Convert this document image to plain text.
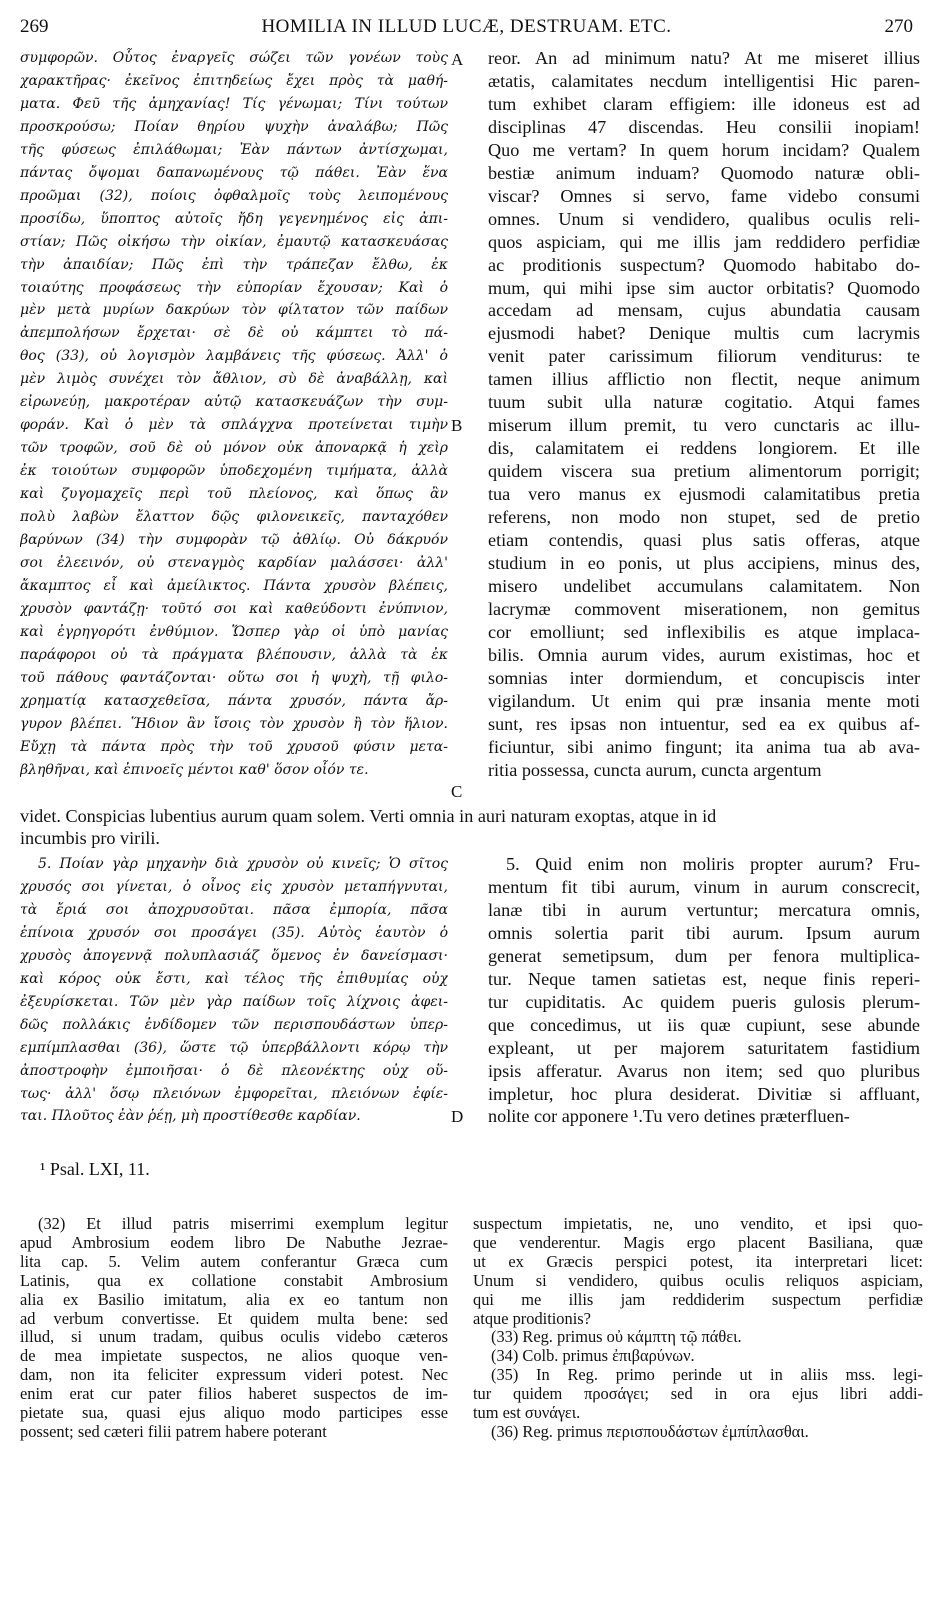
269	HOMILIA IN ILLUD LUCÆ, DESTRUAM. ETC.	270
συμφορῶν. Οὗτος ἐναργεῖς σώζει τῶν γονέων τοὺς
χαρακτῆρας· ἐκεῖνος ἐπιτηδείως ἔχει πρὸς τὰ μαθή-
ματα. Φεῦ τῆς ἀμηχανίας! Τίς γένωμαι; Τίνι τούτων
προσκρούσω; Ποίαν θηρίου ψυχὴν ἀναλάβω; Πῶς
τῆς φύσεως ἐπιλάθωμαι; Ἐὰν πάντων ἀντίσχωμαι,
πάντας ὄψομαι δαπανωμένους τῷ πάθει. Ἐὰν ἕνα
προῶμαι (32), ποίοις ὀφθαλμοῖς τοὺς λειπομένους
προσίδω, ὕποπτος αὐτοῖς ἤδη γεγενημένος εἰς ἀπι-
στίαν; Πῶς οἰκήσω τὴν οἰκίαν, ἐμαυτῷ κατασκευάσας
τὴν ἀπαιδίαν; Πῶς ἐπὶ τὴν τράπεζαν ἔλθω, ἐκ
τοιαύτης προφάσεως τὴν εὐπορίαν ἔχουσαν; Καὶ ὁ
μὲν μετὰ μυρίων δακρύων τὸν φίλτατον τῶν παίδων
ἀπεμπολήσων ἔρχεται· σὲ δὲ οὐ κάμπτει τὸ πά-
θος (33), οὐ λογισμὸν λαμβάνεις τῆς φύσεως. Ἀλλ' ὁ
μὲν λιμὸς συνέχει τὸν ἄθλιον, σὺ δὲ ἀναβάλλῃ, καὶ
εἰρωνεύῃ, μακροτέραν αὐτῷ κατασκευάζων τὴν συμ-
φοράν. Καὶ ὁ μὲν τὰ σπλάγχνα προτείνεται τιμὴν
τῶν τροφῶν, σοῦ δὲ οὐ μόνον οὐκ ἀποναρκᾷ ἡ χεὶρ
ἐκ τοιούτων συμφορῶν ὑποδεχομένη τιμήματα, ἀλλὰ
καὶ ζυγομαχεῖς περὶ τοῦ πλείονος, καὶ ὅπως ἂν
πολὺ λαβὼν ἔλαττον δῷς φιλονεικεῖς, πανταχόθεν
βαρύνων (34) τὴν συμφορὰν τῷ ἀθλίῳ. Οὐ δάκρυόν
σοι ἐλεεινόν, οὐ στεναγμὸς καρδίαν μαλάσσει· ἀλλ'
ἄκαμπτος εἶ καὶ ἀμείλικτος. Πάντα χρυσὸν βλέπεις,
χρυσὸν φαντάζῃ· τοῦτό σοι καὶ καθεύδοντι ἐνύπνιον,
καὶ ἐγρηγορότι ἐνθύμιον. Ὥσπερ γὰρ οἱ ὑπὸ μανίας
παράφοροι οὐ τὰ πράγματα βλέπουσιν, ἀλλὰ τὰ ἐκ
τοῦ πάθους φαντάζονται· οὕτω σοι ἡ ψυχὴ, τῇ φιλο-
χρηματίᾳ κατασχεθεῖσα, πάντα χρυσόν, πάντα ἄρ-
γυρον βλέπει. Ἥδιον ἂν ἴσοις τὸν χρυσὸν ἢ τὸν ἥλιον.
Εὔχῃ τὰ πάντα πρὸς τὴν τοῦ χρυσοῦ φύσιν μετα-
βληθῆναι, καὶ ἐπινοεῖς μέντοι καθ' ὅσον οἷόν τε.
reor. An ad minimum natu? At me miseret illius
ætatis, calamitates necdum intelligentisi Hic paren-
tum exhibet claram effigiem: ille idoneus est ad
disciplinas 47 discendas. Heu consilii inopiam!
Quo me vertam? In quem horum incidam? Qualem
bestiæ animum induam? Quomodo naturæ obli-
viscar? Omnes si servo, fame videbo consumi
omnes. Unum si vendidero, qualibus oculis reli-
quos aspiciam, qui me illis jam reddidero perfidiæ
ac proditionis suspectum? Quomodo habitabo do-
mum, qui mihi ipse sim auctor orbitatis? Quomodo
accedam ad mensam, cujus abundatia causam
ejusmodi habet? Denique multis cum lacrymis
venit pater carissimum filiorum venditurus: te
tamen illius afflictio non flectit, neque animum
tuum subit ulla naturæ cogitatio. Atqui fames
miserum illum premit, tu vero cunctaris ac illu-
dis, calamitatem ei reddens longiorem. Et ille
quidem viscera sua pretium alimentorum porrigit;
tua vero manus ex ejusmodi calamitatibus pretia
referens, non modo non stupet, sed de pretio
etiam contendis, quasi plus satis offeras, atque
studium in eo ponis, ut plus accipiens, minus des,
misero undelibet accumulans calamitatem. Non
lacrymæ commovent miserationem, non gemitus
cor emolliunt; sed inflexibilis es atque implaca-
bilis. Omnia aurum vides, aurum existimas, hoc et
somnias inter dormiendum, et concupiscis inter
vigilandum. Ut enim qui præ insania mente moti
sunt, res ipsas non intuentur, sed ea ex quibus af-
ficiuntur, sibi animo fingunt; ita anima tua ab ava-
ritia possessa, cuncta aurum, cuncta argentum
videt. Conspicias lubentius aurum quam solem. Verti omnia in auri naturam exoptas, atque in id
incumbis pro virili.
5. Ποίαν γὰρ μηχανὴν διὰ χρυσὸν οὐ κινεῖς; Ὁ σῖτος
χρυσός σοι γίνεται, ὁ οἶνος εἰς χρυσὸν μεταπήγνυται,
τὰ ἔριά σοι ἀποχρυσοῦται. πᾶσα ἐμπορία, πᾶσα
ἐπίνοια χρυσόν σοι προσάγει (35). Αὐτὸς ἑαυτὸν ὁ
χρυσὸς ἀπογεννᾷ πολυπλασιάζ ὅμενος ἐν δανείσμασι·
καὶ κόρος οὐκ ἔστι, καὶ τέλος τῆς ἐπιθυμίας οὐχ
ἐξευρίσκεται. Τῶν μὲν γὰρ παίδων τοῖς λίχνοις ἀφει-
δῶς πολλάκις ἐνδίδομεν τῶν περισπουδάστων ὑπερ-
εμπίμπλασθαι (36), ὥστε τῷ ὑπερβάλλοντι κόρῳ τὴν
ἀποστροφὴν ἐμποιῆσαι· ὁ δὲ πλεονέκτης οὐχ οὕ-
τως· ἀλλ' ὅσῳ πλειόνων ἐμφορεῖται, πλειόνων ἐφίε-
ται. Πλοῦτος ἐὰν ῥέῃ, μὴ προστίθεσθε καρδίαν.
5. Quid enim non moliris propter aurum? Fru-
mentum fit tibi aurum, vinum in aurum conscrecit,
lanæ tibi in aurum vertuntur; mercatura omnis,
omnis solertia parit tibi aurum. Ipsum aurum
generat semetipsum, dum per fenora multiplica-
tur. Neque tamen satietas est, neque finis reperi-
tur cupiditatis. Ac quidem pueris gulosis plerum-
que concedimus, ut iis quæ cupiunt, sese abunde
expleant, ut per majorem saturitatem fastidium
ipsis afferatur. Avarus non item; sed quo pluribus
impletur, hoc plura desiderat. Divitiæ si affluant,
nolite cor apponere ¹.Tu vero detines præterfluen-
A
B
C
D
¹ Psal. LXI, 11.
(32) Et illud patris miserrimi exemplum legitur
apud Ambrosium eodem libro De Nabuthe Jezrae-
lita cap. 5. Velim autem conferantur Græca cum
Latinis, qua ex collatione constabit Ambrosium
alia ex Basilio imitatum, alia ex eo tantum non
ad verbum convertisse. Et quidem multa bene: sed
illud, si unum tradam, quibus oculis videbo cæteros
de mea impietate suspectos, ne alios quoque ven-
dam, non ita feliciter expressum videri potest. Nec
enim erat cur pater filios haberet suspectos de im-
pietate sua, quasi ejus aliquo modo participes esse
possent; sed cæteri filii patrem habere poterant
suspectum impietatis, ne, uno vendito, et ipsi quo-
que venderentur. Magis ergo placent Basiliana, quæ
ut ex Græcis perspici potest, ita interpretari licet:
Unum si vendidero, quibus oculis reliquos aspiciam,
qui me illis jam reddiderim suspectum perfidiæ
atque proditionis?
(33) Reg. primus οὐ κάμπτη τῷ πάθει.
(34) Colb. primus ἐπιβαρύνων.
(35) In Reg. primo perinde ut in aliis mss. legi-
tur quidem προσάγει; sed in ora ejus libri addi-
tum est συνάγει.
(36) Reg. primus περισπουδάστων ἐμπίπλασθαι.
